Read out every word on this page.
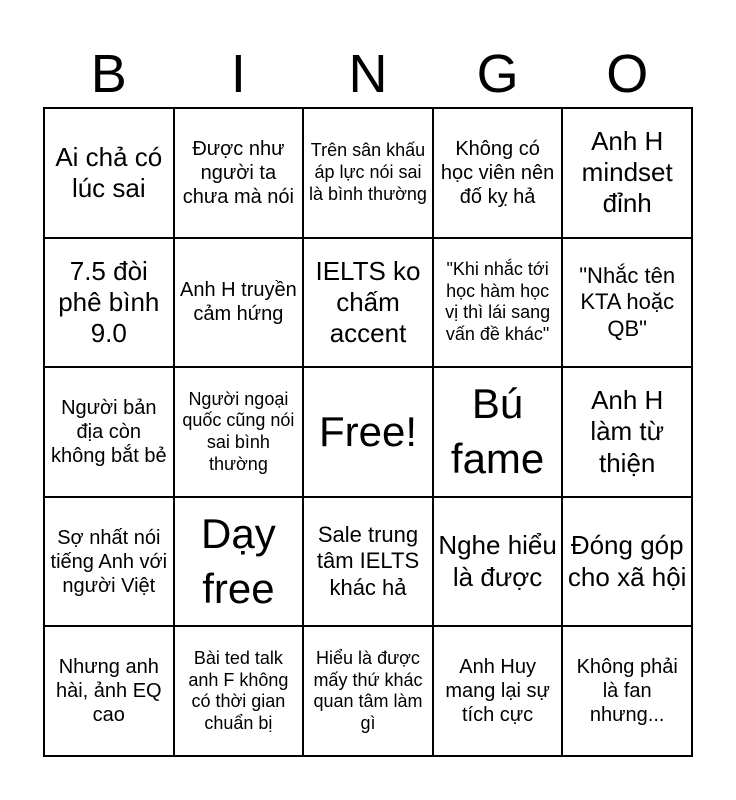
B	I	N	G	O
Ai chả có lúc sai
Được như người ta chưa mà nói
Trên sân khấu áp lực nói sai là bình thường
Không có học viên nên đố kỵ hả
Anh H mindset đỉnh
7.5 đòi phê bình 9.0
Anh H truyền cảm hứng
IELTS ko chấm accent
"Khi nhắc tới học hàm học vị thì lái sang vấn đề khác"
"Nhắc tên KTA hoặc QB"
Người bản địa còn không bắt bẻ
Người ngoại quốc cũng nói sai bình thường
Free!
Bú fame
Anh H làm từ thiện
Sợ nhất nói tiếng Anh với người Việt
Dạy free
Sale trung tâm IELTS khác hả
Nghe hiểu là được
Đóng góp cho xã hội
Nhưng anh hài, ảnh EQ cao
Bài ted talk anh F không có thời gian chuẩn bị
Hiểu là được mấy thứ khác quan tâm làm gì
Anh Huy mang lại sự tích cực
Không phải là fan nhưng...
